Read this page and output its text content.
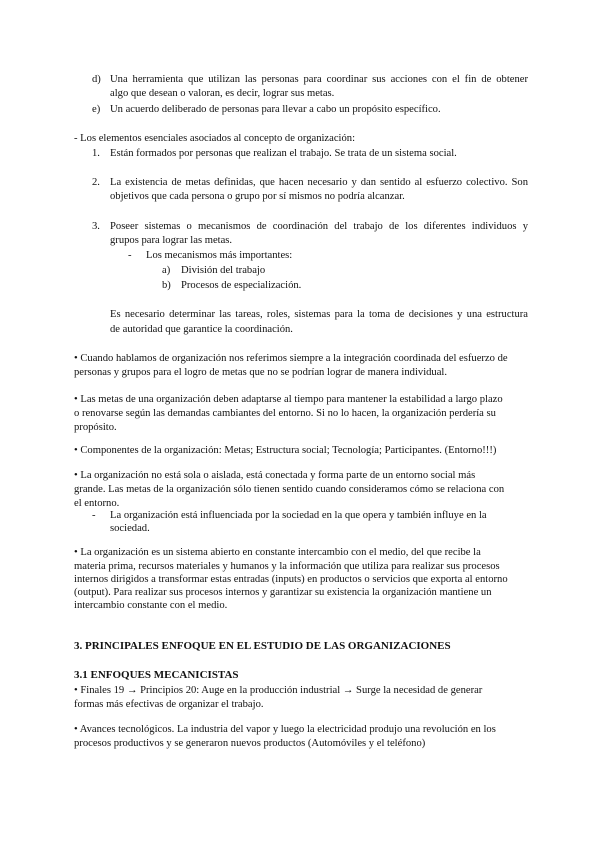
d) Una herramienta que utilizan las personas para coordinar sus acciones con el fin de obtener
algo que desean o valoran, es decir, lograr sus metas.
e) Un acuerdo deliberado de personas para llevar a cabo un propósito específico.
- Los elementos esenciales asociados al concepto de organización:
1. Están formados por personas que realizan el trabajo. Se trata de un sistema social.
2. La existencia de metas definidas, que hacen necesario y dan sentido al esfuerzo colectivo. Son
objetivos que cada persona o grupo por sí mismos no podría alcanzar.
3. Poseer sistemas o mecanismos de coordinación del trabajo de los diferentes individuos y
grupos para lograr las metas.
- Los mecanismos más importantes:
a) División del trabajo
b) Procesos de especialización.
Es necesario determinar las tareas, roles, sistemas para la toma de decisiones y una estructura
de autoridad que garantice la coordinación.
• Cuando hablamos de organización nos referimos siempre a la integración coordinada del esfuerzo de
personas y grupos para el logro de metas que no se podrían lograr de manera individual.
• Las metas de una organización deben adaptarse al tiempo para mantener la estabilidad a largo plazo
o renovarse según las demandas cambiantes del entorno. Si no lo hacen, la organización perdería su
propósito.
• Componentes de la organización: Metas; Estructura social; Tecnología; Participantes. (Entorno!!!)
• La organización no está sola o aislada, está conectada y forma parte de un entorno social más
grande. Las metas de la organización sólo tienen sentido cuando consideramos cómo se relaciona con
el entorno.
- La organización está influenciada por la sociedad en la que opera y también influye en la
sociedad.
• La organización es un sistema abierto en constante intercambio con el medio, del que recibe la
materia prima, recursos materiales y humanos y la información que utiliza para realizar sus procesos
internos dirigidos a transformar estas entradas (inputs) en productos o servicios que exporta al entorno
(output). Para realizar sus procesos internos y garantizar su existencia la organización mantiene un
intercambio constante con el medio.
3. PRINCIPALES ENFOQUE EN EL ESTUDIO DE LAS ORGANIZACIONES
3.1 ENFOQUES MECANICISTAS
• Finales 19 → Principios 20: Auge en la producción industrial → Surge la necesidad de generar
formas más efectivas de organizar el trabajo.
• Avances tecnológicos. La industria del vapor y luego la electricidad produjo una revolución en los
procesos productivos y se generaron nuevos productos (Automóviles y el teléfono)
